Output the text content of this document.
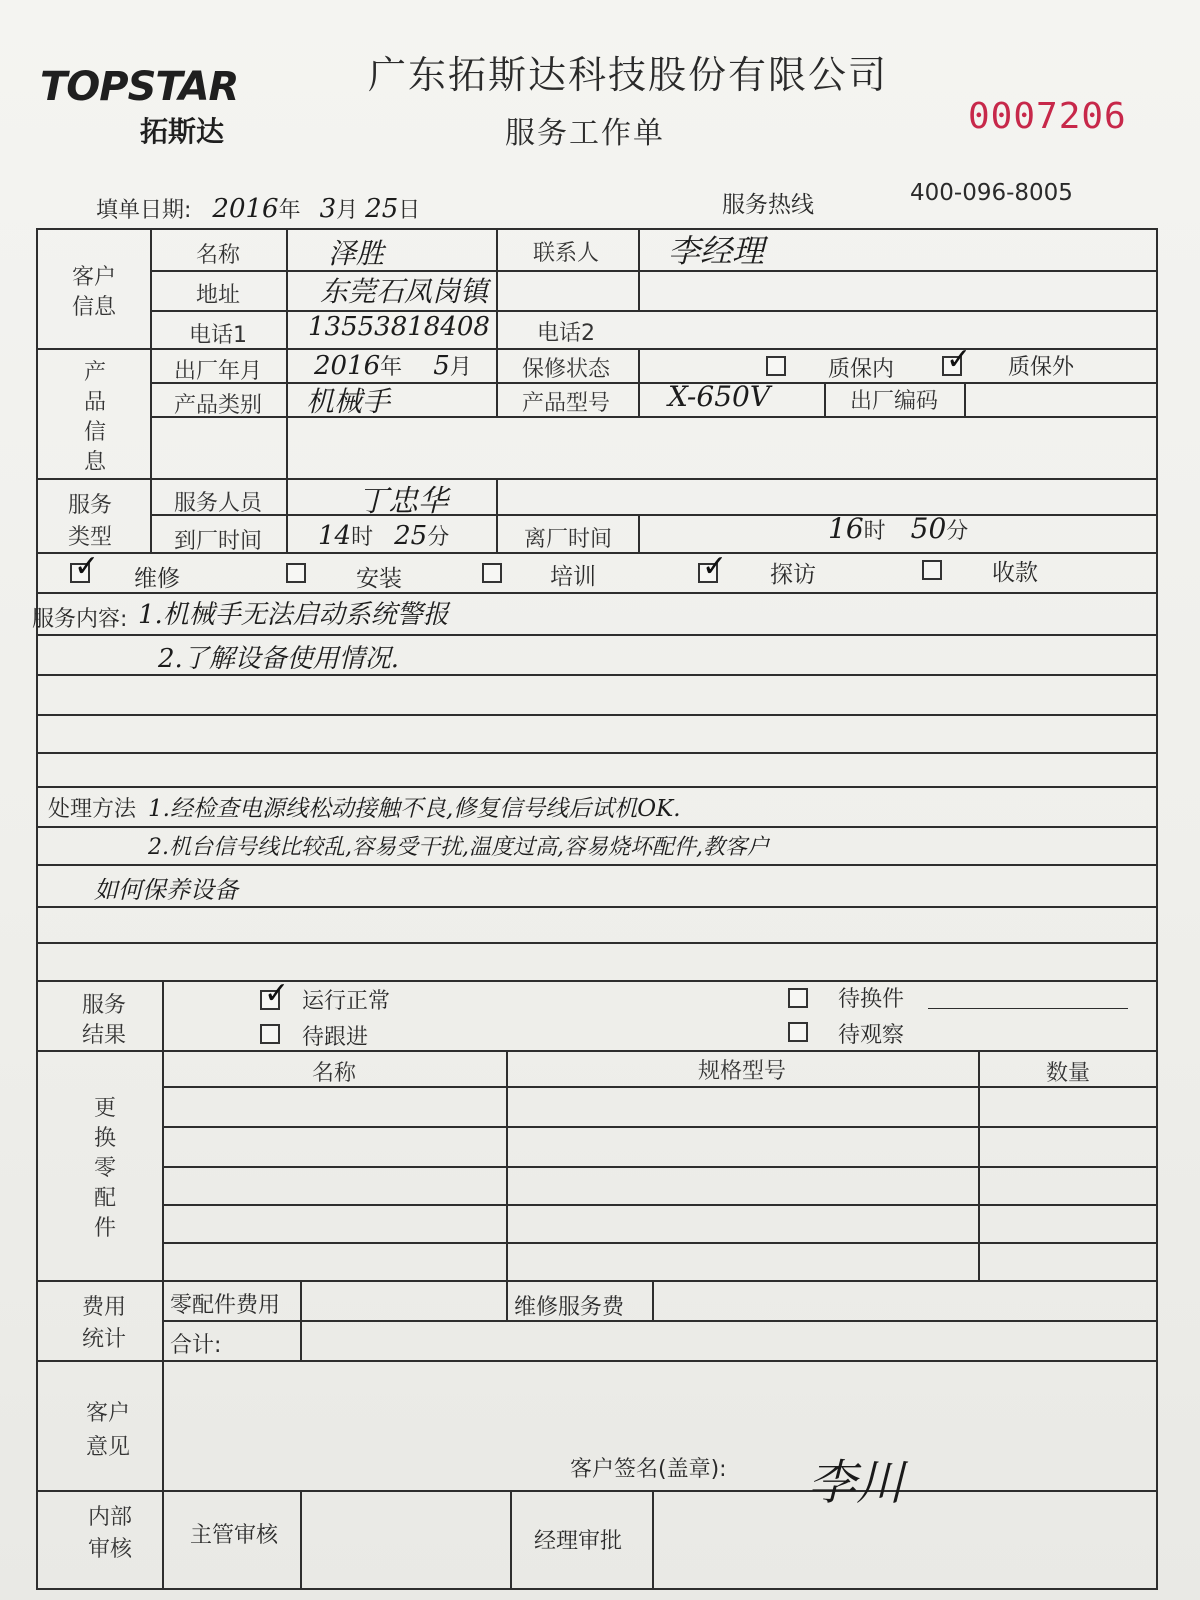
TOPSTAR
拓斯达
广东拓斯达科技股份有限公司
服务工作单	0007206
填单日期: 2016年 3月 25日	服务热线	400-096-8005
客户
信息
名称	泽胜	联系人 李经理
地址	东莞石凤岗镇
电话1 13553818408 电话2
产
品
信
息
出厂年月 2016年 5月 保修状态	质保内 ✓	质保外
产品类别 机械手	产品型号 X-650V	出厂编码
服务
类型
服务人员	丁忠华
到厂时间 14时 25分	离厂时间	16时 50分
✓
维修	安装	培训 ✓	探访	收款
服务内容: 1.机械手无法启动系统警报
2.了解设备使用情况.
处理方法 1.经检查电源线松动接触不良,修复信号线后试机OK.
2.机台信号线比较乱,容易受干扰,温度过高,容易烧坏配件,教客户
如何保养设备
服务
结果
✓
运行正常
待跟进
待换件
待观察
更
换
零
配
件
名称	规格型号	数量
费用
统计
零配件费用	维修服务费
合计:
客户
意见
客户签名(盖章):
内部
审核
主管审核	经理审批
李川
